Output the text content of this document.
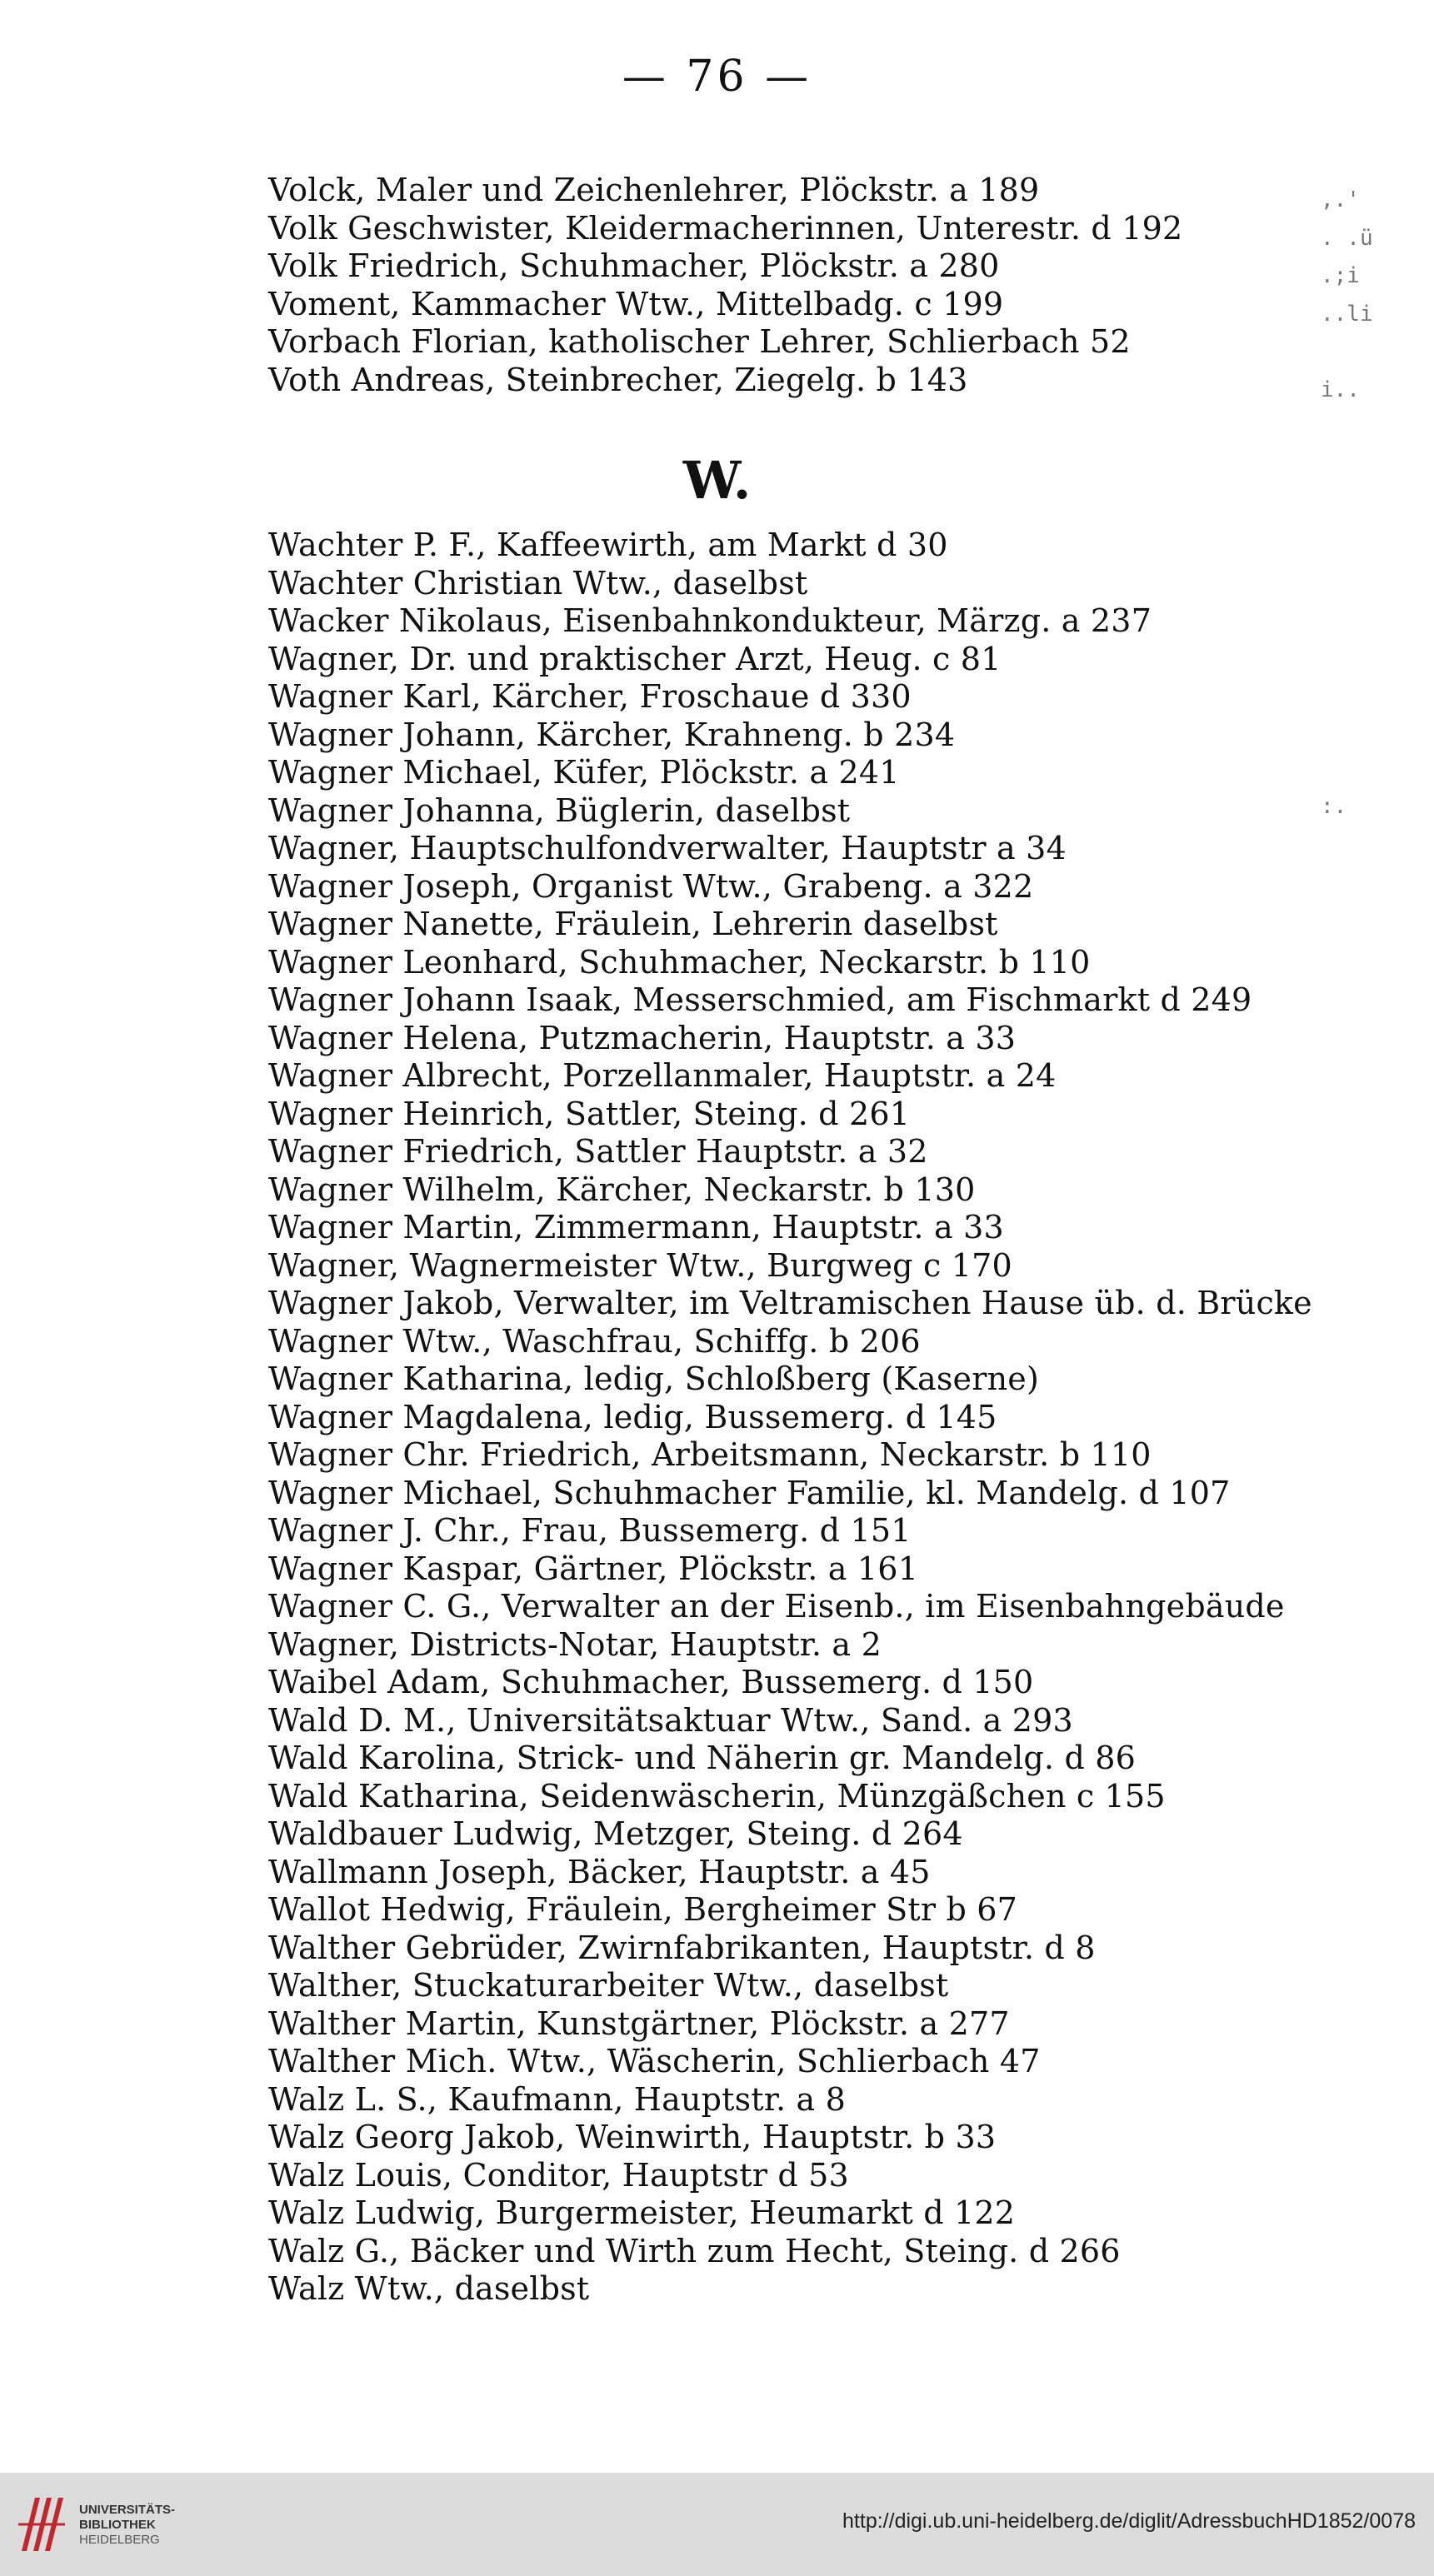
— 76 —
Volck, Maler und Zeichenlehrer, Plöckstr. a 189
Volk Geschwister, Kleidermacherinnen, Unterestr. d 192
Volk Friedrich, Schuhmacher, Plöckstr. a 280
Voment, Kammacher Wtw., Mittelbadg. c 199
Vorbach Florian, katholischer Lehrer, Schlierbach 52
Voth Andreas, Steinbrecher, Ziegelg. b 143
W.
Wachter P. F., Kaffeewirth, am Markt d 30
Wachter Christian Wtw., daselbst
Wacker Nikolaus, Eisenbahnkondukteur, Märzg. a 237
Wagner, Dr. und praktischer Arzt, Heug. c 81
Wagner Karl, Kärcher, Froschaue d 330
Wagner Johann, Kärcher, Krahneng. b 234
Wagner Michael, Küfer, Plöckstr. a 241
Wagner Johanna, Büglerin, daselbst
Wagner, Hauptschulfondverwalter, Hauptstr a 34
Wagner Joseph, Organist Wtw., Grabeng. a 322
Wagner Nanette, Fräulein, Lehrerin daselbst
Wagner Leonhard, Schuhmacher, Neckarstr. b 110
Wagner Johann Isaak, Messerschmied, am Fischmarkt d 249
Wagner Helena, Putzmacherin, Hauptstr. a 33
Wagner Albrecht, Porzellanmaler, Hauptstr. a 24
Wagner Heinrich, Sattler, Steing. d 261
Wagner Friedrich, Sattler Hauptstr. a 32
Wagner Wilhelm, Kärcher, Neckarstr. b 130
Wagner Martin, Zimmermann, Hauptstr. a 33
Wagner, Wagnermeister Wtw., Burgweg c 170
Wagner Jakob, Verwalter, im Veltramischen Hause üb. d. Brücke
Wagner Wtw., Waschfrau, Schiffg. b 206
Wagner Katharina, ledig, Schloßberg (Kaserne)
Wagner Magdalena, ledig, Bussemerg. d 145
Wagner Chr. Friedrich, Arbeitsmann, Neckarstr. b 110
Wagner Michael, Schuhmacher Familie, kl. Mandelg. d 107
Wagner J. Chr., Frau, Bussemerg. d 151
Wagner Kaspar, Gärtner, Plöckstr. a 161
Wagner C. G., Verwalter an der Eisenb., im Eisenbahngebäude
Wagner, Districts-Notar, Hauptstr. a 2
Waibel Adam, Schuhmacher, Bussemerg. d 150
Wald D. M., Universitätsaktuar Wtw., Sand. a 293
Wald Karolina, Strick- und Näherin gr. Mandelg. d 86
Wald Katharina, Seidenwäscherin, Münzgäßchen c 155
Waldbauer Ludwig, Metzger, Steing. d 264
Wallmann Joseph, Bäcker, Hauptstr. a 45
Wallot Hedwig, Fräulein, Bergheimer Str b 67
Walther Gebrüder, Zwirnfabrikanten, Hauptstr. d 8
Walther, Stuckaturarbeiter Wtw., daselbst
Walther Martin, Kunstgärtner, Plöckstr. a 277
Walther Mich. Wtw., Wäscherin, Schlierbach 47
Walz L. S., Kaufmann, Hauptstr. a 8
Walz Georg Jakob, Weinwirth, Hauptstr. b 33
Walz Louis, Conditor, Hauptstr d 53
Walz Ludwig, Burgermeister, Heumarkt d 122
Walz G., Bäcker und Wirth zum Hecht, Steing. d 266
Walz Wtw., daselbst
,.'
. .ü
.;i
..li
i..
:.
UNIVERSITÄTS-
BIBLIOTHEK
HEIDELBERG
http://digi.ub.uni-heidelberg.de/diglit/AdressbuchHD1852/0078
